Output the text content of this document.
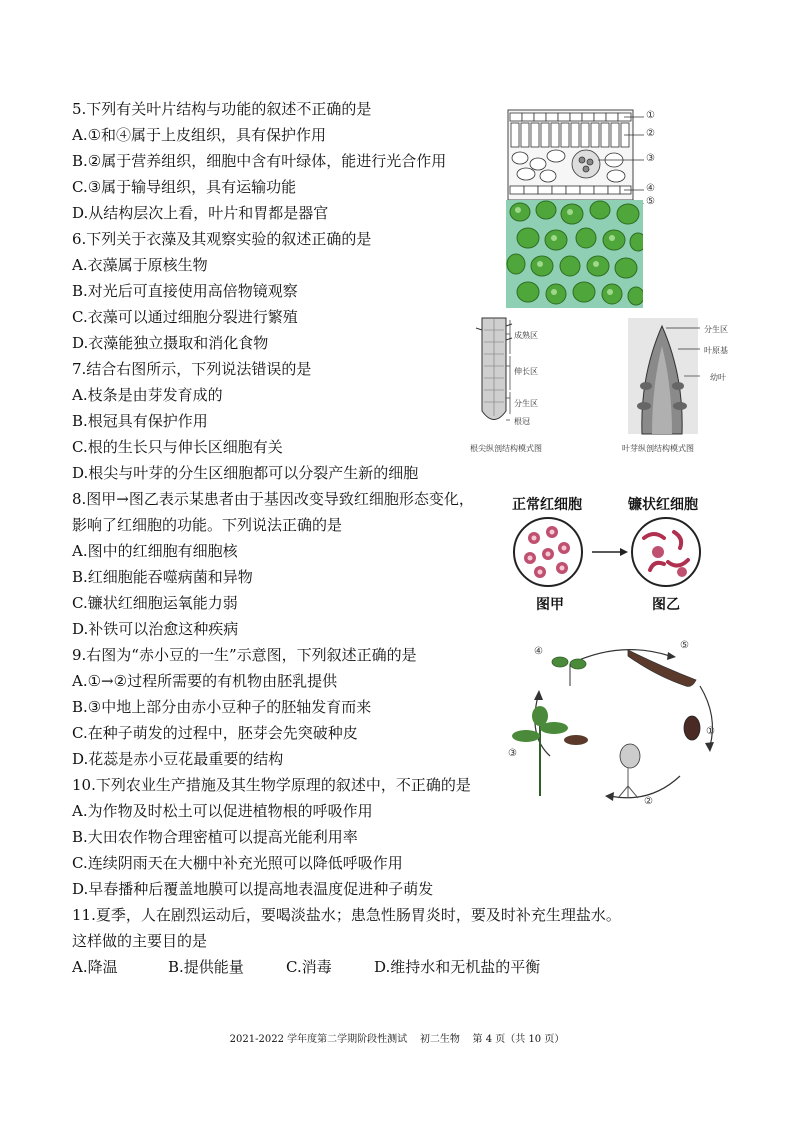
5.下列有关叶片结构与功能的叙述不正确的是
A.①和④属于上皮组织，具有保护作用
B.②属于营养组织，细胞中含有叶绿体，能进行光合作用
C.③属于输导组织，具有运输功能
D.从结构层次上看，叶片和胃都是器官
6.下列关于衣藻及其观察实验的叙述正确的是
A.衣藻属于原核生物
B.对光后可直接使用高倍物镜观察
C.衣藻可以通过细胞分裂进行繁殖
D.衣藻能独立摄取和消化食物
7.结合右图所示，下列说法错误的是
A.枝条是由芽发育成的
B.根冠具有保护作用
C.根的生长只与伸长区细胞有关
D.根尖与叶芽的分生区细胞都可以分裂产生新的细胞
8.图甲→图乙表示某患者由于基因改变导致红细胞形态变化，
影响了红细胞的功能。下列说法正确的是
A.图中的红细胞有细胞核
B.红细胞能吞噬病菌和异物
C.镰状红细胞运氧能力弱
D.补铁可以治愈这种疾病
9.右图为“赤小豆的一生”示意图，下列叙述正确的是
A.①→②过程所需要的有机物由胚乳提供
B.③中地上部分由赤小豆种子的胚轴发育而来
C.在种子萌发的过程中，胚芽会先突破种皮
D.花蕊是赤小豆花最重要的结构
10.下列农业生产措施及其生物学原理的叙述中，不正确的是
A.为作物及时松土可以促进植物根的呼吸作用
B.大田农作物合理密植可以提高光能利用率
C.连续阴雨天在大棚中补充光照可以降低呼吸作用
D.早春播种后覆盖地膜可以提高地表温度促进种子萌发
11.夏季，人在剧烈运动后，要喝淡盐水；患急性肠胃炎时，要及时补充生理盐水。
这样做的主要目的是
A.降温	B.提供能量	C.消毒	D.维持水和无机盐的平衡
①
②
③
④
⑤
成熟区
伸长区
分生区
根冠
根尖纵剖结构模式图
分生区
叶原基
幼叶
叶芽纵剖结构模式图
正常红细胞	镰状红细胞
图甲	图乙
④
⑤
①
③
②
2021-2022 学年度第二学期阶段性测试    初二生物    第 4 页（共 10 页）
